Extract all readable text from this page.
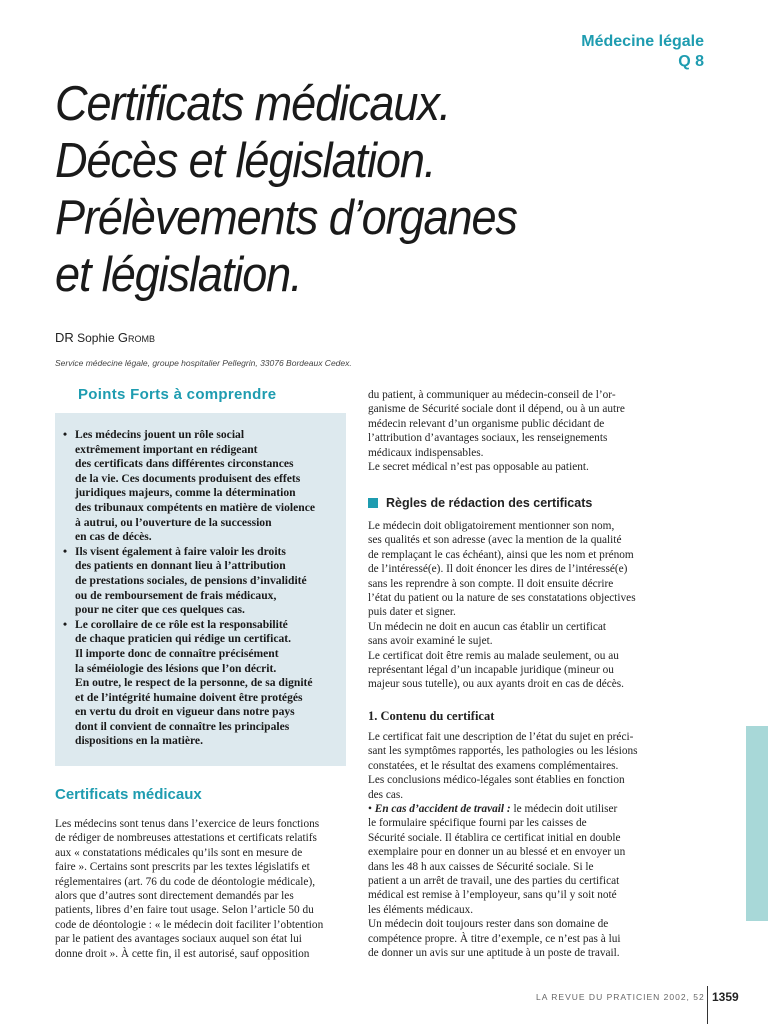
Médecine légale
Q 8
Certificats médicaux.
Décès et législation.
Prélèvements d’organes
et législation.
DR Sophie Gromb
Service médecine légale, groupe hospitalier Pellegrin, 33076 Bordeaux Cedex.
Points Forts à comprendre
• Les médecins jouent un rôle social
extrêmement important en rédigeant
des certificats dans différentes circonstances
de la vie. Ces documents produisent des effets
juridiques majeurs, comme la détermination
des tribunaux compétents en matière de violence
à autrui, ou l’ouverture de la succession
en cas de décès.
• Ils visent également à faire valoir les droits
des patients en donnant lieu à l’attribution
de prestations sociales, de pensions d’invalidité
ou de remboursement de frais médicaux,
pour ne citer que ces quelques cas.
• Le corollaire de ce rôle est la responsabilité
de chaque praticien qui rédige un certificat.
Il importe donc de connaître précisément
la séméiologie des lésions que l’on décrit.
En outre, le respect de la personne, de sa dignité
et de l’intégrité humaine doivent être protégés
en vertu du droit en vigueur dans notre pays
dont il convient de connaître les principales
dispositions en la matière.
Certificats médicaux
Les médecins sont tenus dans l’exercice de leurs fonctions
de rédiger de nombreuses attestations et certificats relatifs
aux « constatations médicales qu’ils sont en mesure de
faire ». Certains sont prescrits par les textes législatifs et
réglementaires (art. 76 du code de déontologie médicale),
alors que d’autres sont directement demandés par les
patients, libres d’en faire tout usage. Selon l’article 50 du
code de déontologie : « le médecin doit faciliter l’obtention
par le patient des avantages sociaux auquel son état lui
donne droit ». À cette fin, il est autorisé, sauf opposition
du patient, à communiquer au médecin-conseil de l’or-
ganisme de Sécurité sociale dont il dépend, ou à un autre
médecin relevant d’un organisme public décidant de
l’attribution d’avantages sociaux, les renseignements
médicaux indispensables.
Le secret médical n’est pas opposable au patient.
Règles de rédaction des certificats
Le médecin doit obligatoirement mentionner son nom,
ses qualités et son adresse (avec la mention de la qualité
de remplaçant le cas échéant), ainsi que les nom et prénom
de l’intéressé(e). Il doit énoncer les dires de l’intéressé(e)
sans les reprendre à son compte. Il doit ensuite décrire
l’état du patient ou la nature de ses constatations objectives
puis dater et signer.
Un médecin ne doit en aucun cas établir un certificat
sans avoir examiné le sujet.
Le certificat doit être remis au malade seulement, ou au
représentant légal d’un incapable juridique (mineur ou
majeur sous tutelle), ou aux ayants droit en cas de décès.
1. Contenu du certificat
Le certificat fait une description de l’état du sujet en préci-
sant les symptômes rapportés, les pathologies ou les lésions
constatées, et le résultat des examens complémentaires.
Les conclusions médico-légales sont établies en fonction
des cas.
• En cas d’accident de travail : le médecin doit utiliser
le formulaire spécifique fourni par les caisses de
Sécurité sociale. Il établira ce certificat initial en double
exemplaire pour en donner un au blessé et en envoyer un
dans les 48 h aux caisses de Sécurité sociale. Si le
patient a un arrêt de travail, une des parties du certificat
médical est remise à l’employeur, sans qu’il y soit noté
les éléments médicaux.
Un médecin doit toujours rester dans son domaine de
compétence propre. À titre d’exemple, ce n’est pas à lui
de donner un avis sur une aptitude à un poste de travail.
LA REVUE DU PRATICIEN 2002, 52 1359
